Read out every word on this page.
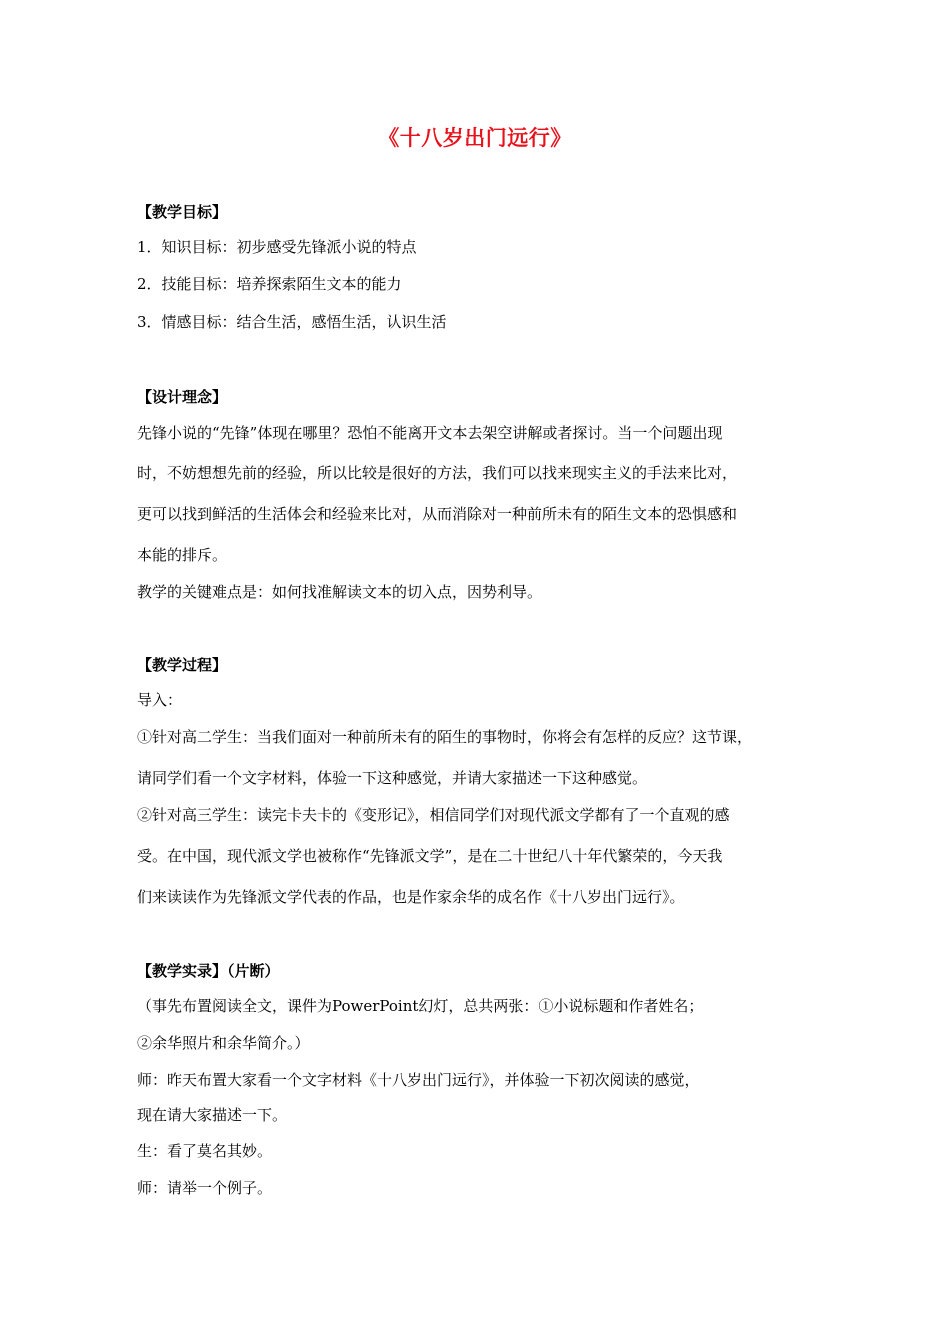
《十八岁出门远行》
【教学目标】
1．知识目标：初步感受先锋派小说的特点
2．技能目标：培养探索陌生文本的能力
3．情感目标：结合生活，感悟生活，认识生活
【设计理念】
先锋小说的“先锋”体现在哪里？恐怕不能离开文本去架空讲解或者探讨。当一个问题出现
时，不妨想想先前的经验，所以比较是很好的方法，我们可以找来现实主义的手法来比对，
更可以找到鲜活的生活体会和经验来比对，从而消除对一种前所未有的陌生文本的恐惧感和
本能的排斥。
教学的关键难点是：如何找准解读文本的切入点，因势利导。
【教学过程】
导入：
①针对高二学生：当我们面对一种前所未有的陌生的事物时，你将会有怎样的反应？这节课，
请同学们看一个文字材料，体验一下这种感觉，并请大家描述一下这种感觉。
②针对高三学生：读完卡夫卡的《变形记》，相信同学们对现代派文学都有了一个直观的感
受。在中国，现代派文学也被称作“先锋派文学”，是在二十世纪八十年代繁荣的，今天我
们来读读作为先锋派文学代表的作品，也是作家余华的成名作《十八岁出门远行》。
【教学实录】（片断）
（事先布置阅读全文，课件为PowerPoint幻灯，总共两张：①小说标题和作者姓名；
②余华照片和余华简介。）
师：昨天布置大家看一个文字材料《十八岁出门远行》，并体验一下初次阅读的感觉，
现在请大家描述一下。
生：看了莫名其妙。
师：请举一个例子。
